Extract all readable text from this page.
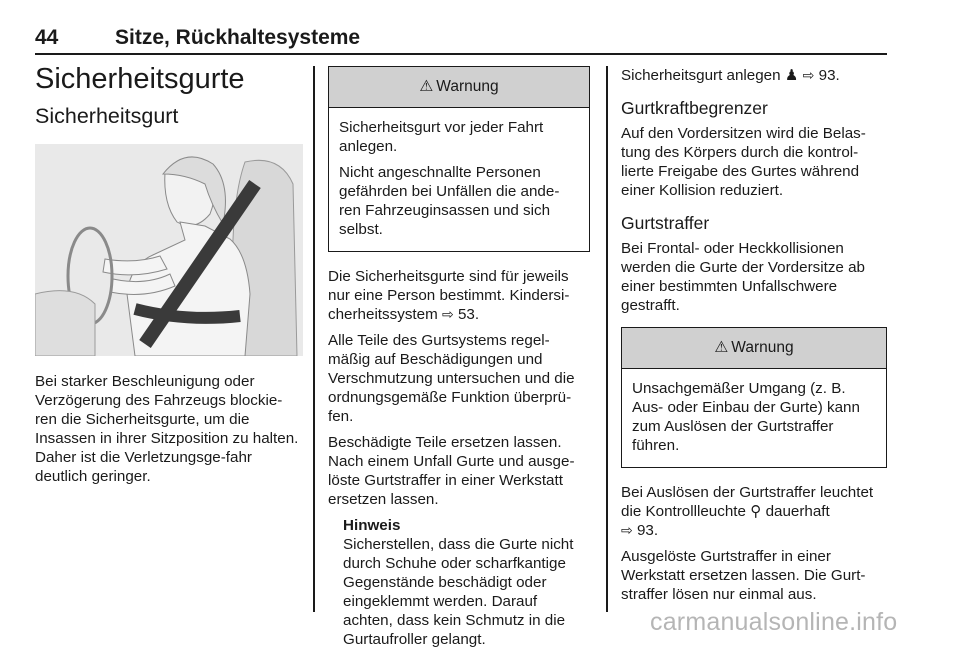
44	Sitze, Rückhaltesysteme
Sicherheitsgurte
Sicherheitsgurt

Bei starker Beschleunigung oder Verzögerung des Fahrzeugs blockie-ren die Sicherheitsgurte, um die Insassen in ihrer Sitzposition zu halten. Daher ist die Verletzungsge-fahr deutlich geringer.

⚠ Warnung

Sicherheitsgurt vor jeder Fahrt anlegen.

Nicht angeschnallte Personen gefährden bei Unfällen die ande-ren Fahrzeuginsassen und sich selbst.

Die Sicherheitsgurte sind für jeweils nur eine Person bestimmt. Kindersi-cherheitssystem ⇨ 53.

Alle Teile des Gurtsystems regel-mäßig auf Beschädigungen und Verschmutzung untersuchen und die ordnungsgemäße Funktion überprü-fen.

Beschädigte Teile ersetzen lassen. Nach einem Unfall Gurte und ausge-löste Gurtstraffer in einer Werkstatt ersetzen lassen.

Hinweis
Sicherstellen, dass die Gurte nicht durch Schuhe oder scharfkantige Gegenstände beschädigt oder eingeklemmt werden. Darauf achten, dass kein Schmutz in die Gurtaufroller gelangt.

Sicherheitsgurt anlegen ♟ ⇨ 93.

Gurtkraftbegrenzer

Auf den Vordersitzen wird die Belas-tung des Körpers durch die kontrol-lierte Freigabe des Gurtes während einer Kollision reduziert.

Gurtstraffer

Bei Frontal- oder Heckkollisionen werden die Gurte der Vordersitze ab einer bestimmten Unfallschwere gestrafft.

⚠ Warnung

Unsachgemäßer Umgang (z. B. Aus- oder Einbau der Gurte) kann zum Auslösen der Gurtstraffer führen.

Bei Auslösen der Gurtstraffer leuchtet die Kontrollleuchte ⚲ dauerhaft
⇨ 93.

Ausgelöste Gurtstraffer in einer Werkstatt ersetzen lassen. Die Gurt-straffer lösen nur einmal aus.

carmanualsonline.info
